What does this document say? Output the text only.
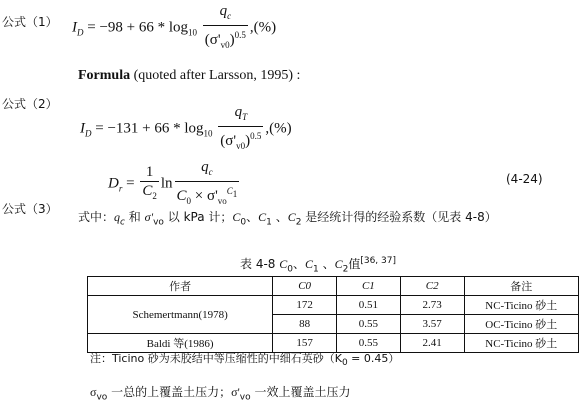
公式（1） $I_D = -98 + 66 * \log_{10} \frac{q_c}{(\sigma'_{v0})^{0.5}}$ ,(%)
Formula (quoted after Larsson, 1995) :
公式（2）
$I_D = -131 + 66 * \log_{10} \frac{q_T}{(\sigma'_{v0})^{0.5}}$ ,(%)
$D_r = \frac{1}{C_2}$ $\ln \frac{q_c}{C_0 \times \sigma'_{vo}^{C_1}}$	(4-24)
公式（3）
式中：$q_c$ 和 $\sigma'_{vo}$ 以 kPa 计；$C_0$、$C_1$ 、$C_2$ 是经统计得的经验系数（见表 4-8）
表 4-8 $C_0$、$C_1$ 、$C_2$值[36, 37]
作者	C0	C1	C2	备注
Schemertmann(1978)	172	0.51	2.73	NC-Ticino 砂土
	88	0.55	3.57	OC-Ticino 砂土
Baldi 等(1986)	157	0.55	2.41	NC-Ticino 砂土
注：Ticino 砂为未胶结中等压缩性的中细石英砂$(K_0 = 0.45)$
$\sigma_{vo}$ 一总的上覆盖土压力；$\sigma'_{vo}$ 一效上覆盖土压力
